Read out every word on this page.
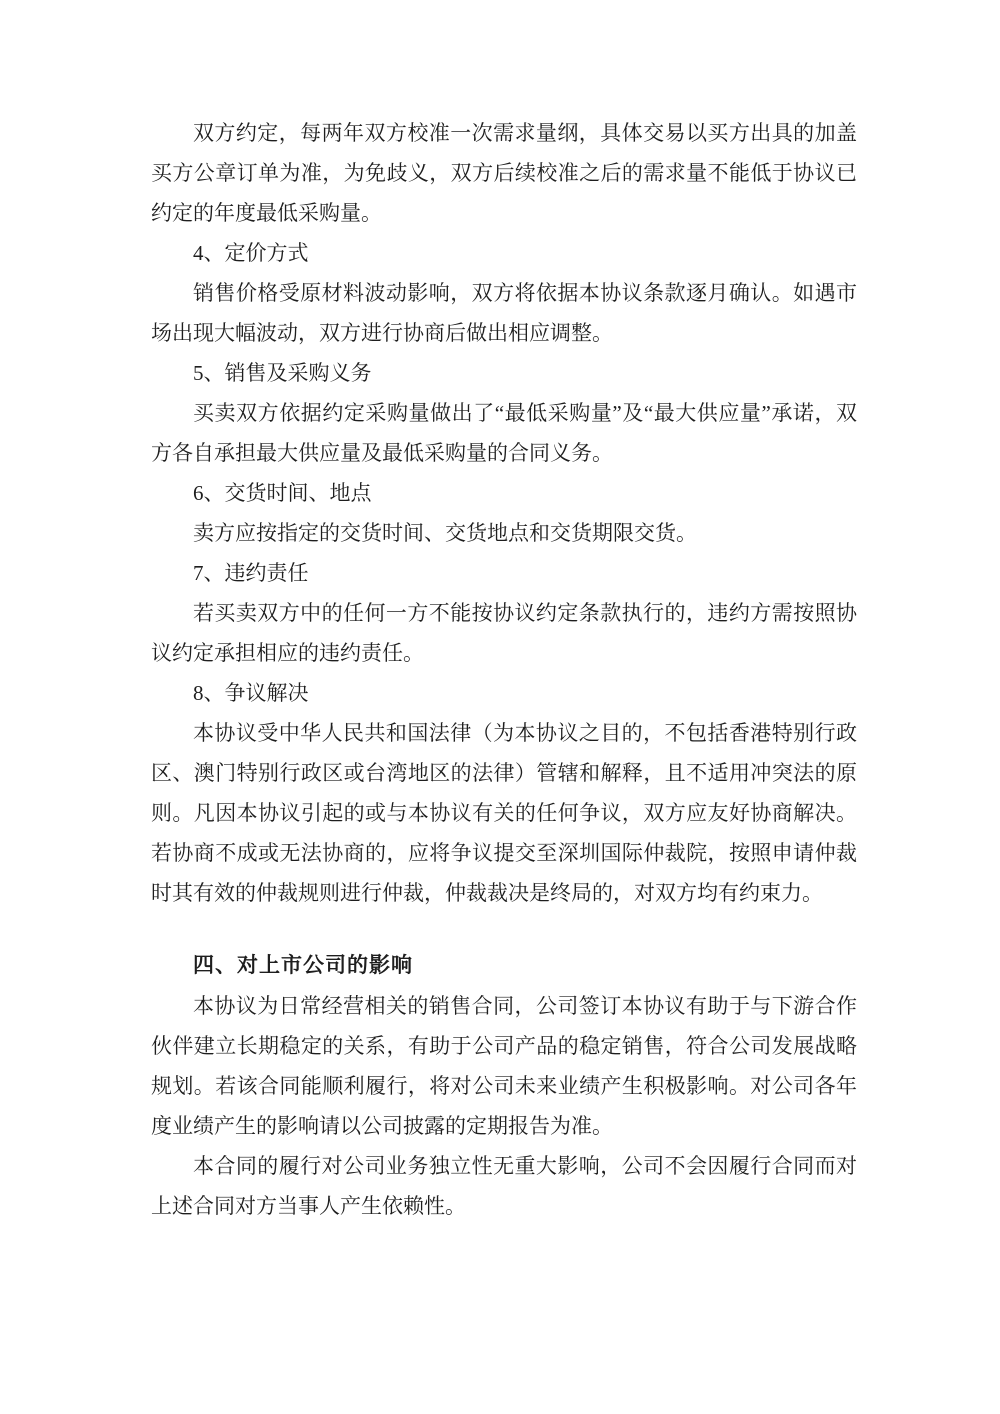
双方约定，每两年双方校准一次需求量纲，具体交易以买方出具的加盖买方公章订单为准，为免歧义，双方后续校准之后的需求量不能低于协议已约定的年度最低采购量。

4、定价方式

销售价格受原材料波动影响，双方将依据本协议条款逐月确认。如遇市场出现大幅波动，双方进行协商后做出相应调整。

5、销售及采购义务

买卖双方依据约定采购量做出了“最低采购量”及“最大供应量”承诺，双方各自承担最大供应量及最低采购量的合同义务。

6、交货时间、地点

卖方应按指定的交货时间、交货地点和交货期限交货。

7、违约责任

若买卖双方中的任何一方不能按协议约定条款执行的，违约方需按照协议约定承担相应的违约责任。

8、争议解决

本协议受中华人民共和国法律（为本协议之目的，不包括香港特别行政区、澳门特别行政区或台湾地区的法律）管辖和解释，且不适用冲突法的原则。凡因本协议引起的或与本协议有关的任何争议，双方应友好协商解决。若协商不成或无法协商的，应将争议提交至深圳国际仲裁院，按照申请仲裁时其有效的仲裁规则进行仲裁，仲裁裁决是终局的，对双方均有约束力。

四、对上市公司的影响

本协议为日常经营相关的销售合同，公司签订本协议有助于与下游合作伙伴建立长期稳定的关系，有助于公司产品的稳定销售，符合公司发展战略规划。若该合同能顺利履行，将对公司未来业绩产生积极影响。对公司各年度业绩产生的影响请以公司披露的定期报告为准。

本合同的履行对公司业务独立性无重大影响，公司不会因履行合同而对上述合同对方当事人产生依赖性。
